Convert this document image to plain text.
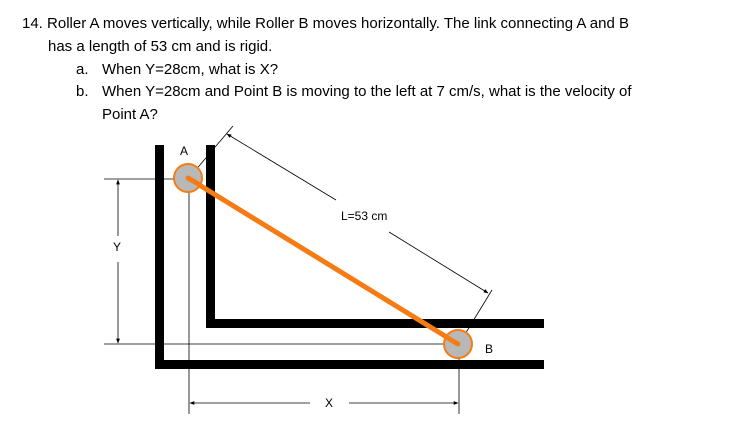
14. Roller A moves vertically, while Roller B moves horizontally. The link connecting A and B
has a length of 53 cm and is rigid.
a. When Y=28cm, what is X?
b. When Y=28cm and Point B is moving to the left at 7 cm/s, what is the velocity of
Point A?
A
B
L=53 cm
Y
X
